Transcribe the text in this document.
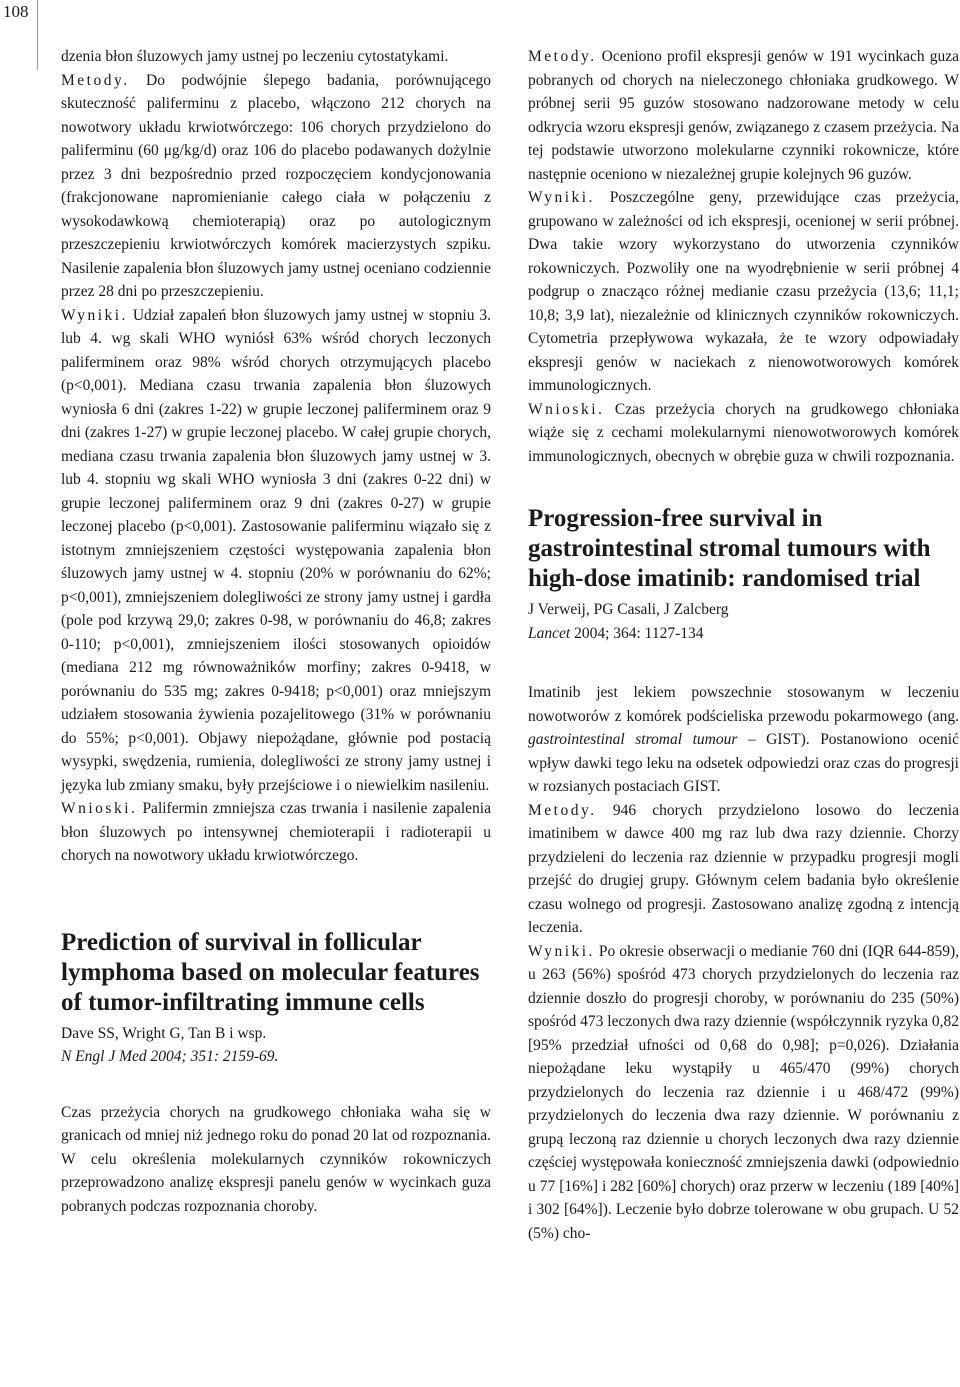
108

dzenia błon śluzowych jamy ustnej po leczeniu cytostatykami.

Metody. Do podwójnie ślepego badania, porównującego skuteczność paliferminu z placebo, włączono 212 chorych na nowotwory układu krwiotwórczego: 106 chorych przydzielono do paliferminu (60 μg/kg/d) oraz 106 do placebo podawanych dożylnie przez 3 dni bezpośrednio przed rozpoczęciem kondycjonowania (frakcjonowane napromienianie całego ciała w połączeniu z wysokodawkową chemioterapią) oraz po autologicznym przeszczepieniu krwiotwórczych komórek macierzystych szpiku. Nasilenie zapalenia błon śluzowych jamy ustnej oceniano codziennie przez 28 dni po przeszczepieniu.

Wyniki. Udział zapaleń błon śluzowych jamy ustnej w stopniu 3. lub 4. wg skali WHO wyniósł 63% wśród chorych leczonych paliferminem oraz 98% wśród chorych otrzymujących placebo (p<0,001). Mediana czasu trwania zapalenia błon śluzowych wyniosła 6 dni (zakres 1-22) w grupie leczonej paliferminem oraz 9 dni (zakres 1-27) w grupie leczonej placebo. W całej grupie chorych, mediana czasu trwania zapalenia błon śluzowych jamy ustnej w 3. lub 4. stopniu wg skali WHO wyniosła 3 dni (zakres 0-22 dni) w grupie leczonej paliferminem oraz 9 dni (zakres 0-27) w grupie leczonej placebo (p<0,001). Zastosowanie paliferminu wiązało się z istotnym zmniejszeniem częstości występowania zapalenia błon śluzowych jamy ustnej w 4. stopniu (20% w porównaniu do 62%; p<0,001), zmniejszeniem dolegliwości ze strony jamy ustnej i gardła (pole pod krzywą 29,0; zakres 0-98, w porównaniu do 46,8; zakres 0-110; p<0,001), zmniejszeniem ilości stosowanych opioidów (mediana 212 mg równoważników morfiny; zakres 0-9418, w porównaniu do 535 mg; zakres 0-9418; p<0,001) oraz mniejszym udziałem stosowania żywienia pozajelitowego (31% w porównaniu do 55%; p<0,001). Objawy niepożądane, głównie pod postacią wysypki, swędzenia, rumienia, dolegliwości ze strony jamy ustnej i języka lub zmiany smaku, były przejściowe i o niewielkim nasileniu.

Wnioski. Palifermin zmniejsza czas trwania i nasilenie zapalenia błon śluzowych po intensywnej chemioterapii i radioterapii u chorych na nowotwory układu krwiotwórczego.

Prediction of survival in follicular lymphoma based on molecular features of tumor-infiltrating immune cells

Dave SS, Wright G, Tan B i wsp.

N Engl J Med 2004; 351: 2159-69.

Czas przeżycia chorych na grudkowego chłoniaka waha się w granicach od mniej niż jednego roku do ponad 20 lat od rozpoznania. W celu określenia molekularnych czynników rokowniczych przeprowadzono analizę ekspresji panelu genów w wycinkach guza pobranych podczas rozpoznania choroby.

Metody. Oceniono profil ekspresji genów w 191 wycinkach guza pobranych od chorych na nieleczonego chłoniaka grudkowego. W próbnej serii 95 guzów stosowano nadzorowane metody w celu odkrycia wzoru ekspresji genów, związanego z czasem przeżycia. Na tej podstawie utworzono molekularne czynniki rokownicze, które następnie oceniono w niezależnej grupie kolejnych 96 guzów.

Wyniki. Poszczególne geny, przewidujące czas przeżycia, grupowano w zależności od ich ekspresji, ocenionej w serii próbnej. Dwa takie wzory wykorzystano do utworzenia czynników rokowniczych. Pozwoliły one na wyodrębnienie w serii próbnej 4 podgrup o znacząco różnej medianie czasu przeżycia (13,6; 11,1; 10,8; 3,9 lat), niezależnie od klinicznych czynników rokowniczych. Cytometria przepływowa wykazała, że te wzory odpowiadały ekspresji genów w naciekach z nienowotworowych komórek immunologicznych.

Wnioski. Czas przeżycia chorych na grudkowego chłoniaka wiąże się z cechami molekularnymi nienowotworowych komórek immunologicznych, obecnych w obrębie guza w chwili rozpoznania.

Progression-free survival in gastrointestinal stromal tumours with high-dose imatinib: randomised trial

J Verweij, PG Casali, J Zalcberg

Lancet 2004; 364: 1127-134

Imatinib jest lekiem powszechnie stosowanym w leczeniu nowotworów z komórek podścieliska przewodu pokarmowego (ang. gastrointestinal stromal tumour – GIST). Postanowiono ocenić wpływ dawki tego leku na odsetek odpowiedzi oraz czas do progresji w rozsianych postaciach GIST.

Metody. 946 chorych przydzielono losowo do leczenia imatinibem w dawce 400 mg raz lub dwa razy dziennie. Chorzy przydzieleni do leczenia raz dziennie w przypadku progresji mogli przejść do drugiej grupy. Głównym celem badania było określenie czasu wolnego od progresji. Zastosowano analizę zgodną z intencją leczenia.

Wyniki. Po okresie obserwacji o medianie 760 dni (IQR 644-859), u 263 (56%) spośród 473 chorych przydzielonych do leczenia raz dziennie doszło do progresji choroby, w porównaniu do 235 (50%) spośród 473 leczonych dwa razy dziennie (współczynnik ryzyka 0,82 [95% przedział ufności od 0,68 do 0,98]; p=0,026). Działania niepożądane leku wystąpiły u 465/470 (99%) chorych przydzielonych do leczenia raz dziennie i u 468/472 (99%) przydzielonych do leczenia dwa razy dziennie. W porównaniu z grupą leczoną raz dziennie u chorych leczonych dwa razy dziennie częściej występowała konieczność zmniejszenia dawki (odpowiednio u 77 [16%] i 282 [60%] chorych) oraz przerw w leczeniu (189 [40%] i 302 [64%]). Leczenie było dobrze tolerowane w obu grupach. U 52 (5%) cho-
